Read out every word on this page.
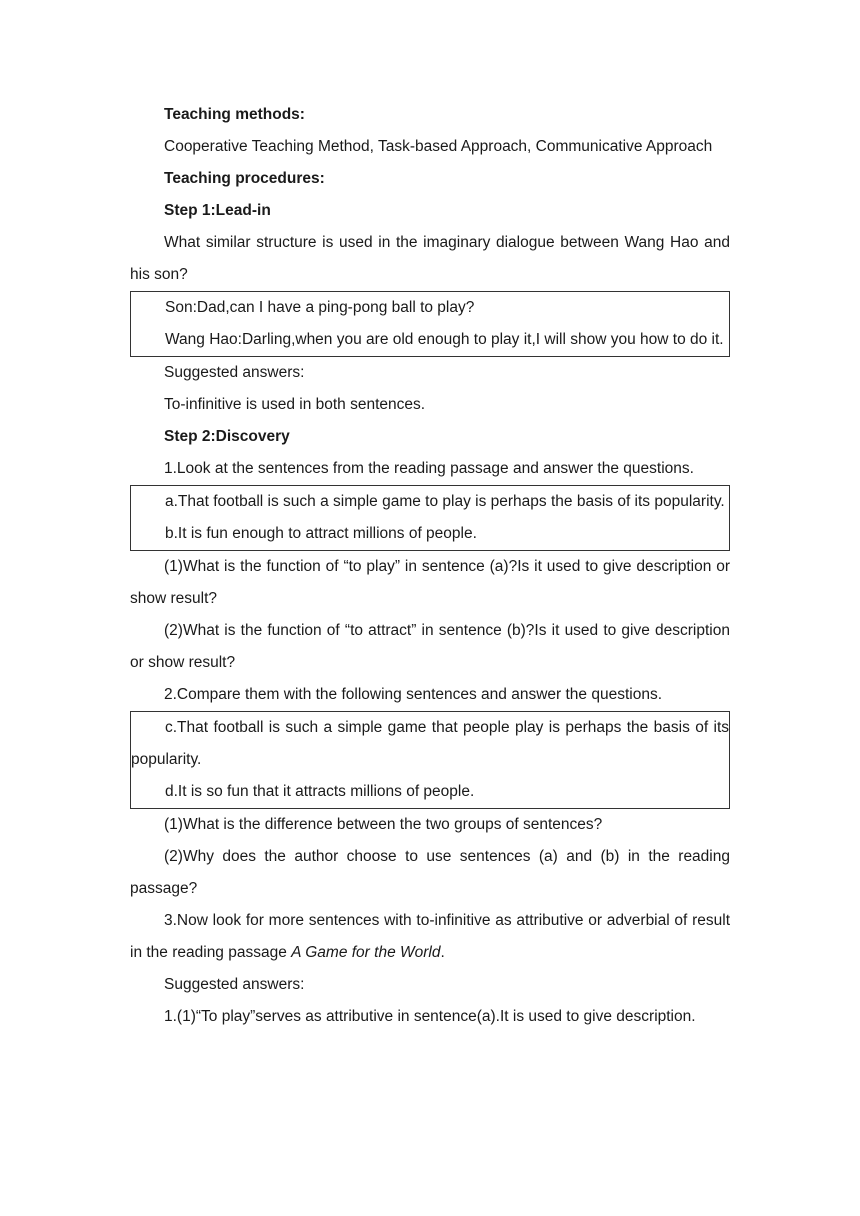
Teaching methods:

Cooperative Teaching Method, Task-based Approach, Communicative Approach

Teaching procedures:

Step 1:Lead-in

What similar structure is used in the imaginary dialogue between Wang Hao and his son?

Son:Dad,can I have a ping-pong ball to play?

Wang Hao:Darling,when you are old enough to play it,I will show you how to do it.

Suggested answers:

To-infinitive is used in both sentences.

Step 2:Discovery

1.Look at the sentences from the reading passage and answer the questions.

a.That football is such a simple game to play is perhaps the basis of its popularity.

b.It is fun enough to attract millions of people.

(1)What is the function of “to play” in sentence (a)?Is it used to give description or show result?

(2)What is the function of “to attract” in sentence (b)?Is it used to give description or show result?

2.Compare them with the following sentences and answer the questions.

c.That football is such a simple game that people play is perhaps the basis of its popularity.

d.It is so fun that it attracts millions of people.

(1)What is the difference between the two groups of sentences?

(2)Why does the author choose to use sentences (a) and (b) in the reading passage?

3.Now look for more sentences with to-infinitive as attributive or adverbial of result in the reading passage A Game for the World.

Suggested answers:

1.(1)“To play”serves as attributive in sentence(a).It is used to give description.
